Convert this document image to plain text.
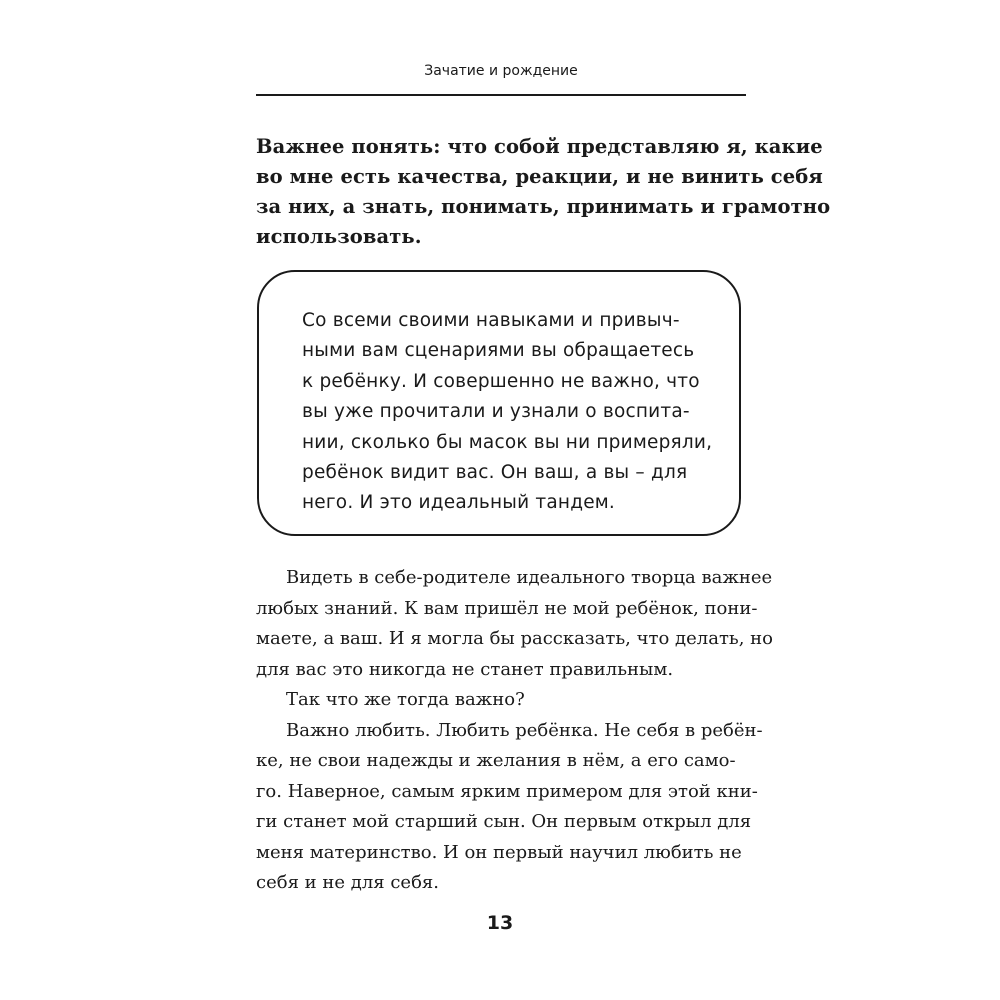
Зачатие и рождение
Важнее понять: что собой представляю я, какие
во мне есть качества, реакции, и не винить себя
за них, а знать, понимать, принимать и грамотно
использовать.
Со всеми своими навыками и привыч-
ными вам сценариями вы обращаетесь
к ребёнку. И совершенно не важно, что
вы уже прочитали и узнали о воспита-
нии, сколько бы масок вы ни примеряли,
ребёнок видит вас. Он ваш, а вы – для
него. И это идеальный тандем.

Видеть в себе-родителе идеального творца важнее
любых знаний. К вам пришёл не мой ребёнок, пони-
маете, а ваш. И я могла бы рассказать, что делать, но
для вас это никогда не станет правильным.

Так что же тогда важно?

Важно любить. Любить ребёнка. Не себя в ребён-
ке, не свои надежды и желания в нём, а его само-
го. Наверное, самым ярким примером для этой кни-
ги станет мой старший сын. Он первым открыл для
меня материнство. И он первый научил любить не
себя и не для себя.

13
